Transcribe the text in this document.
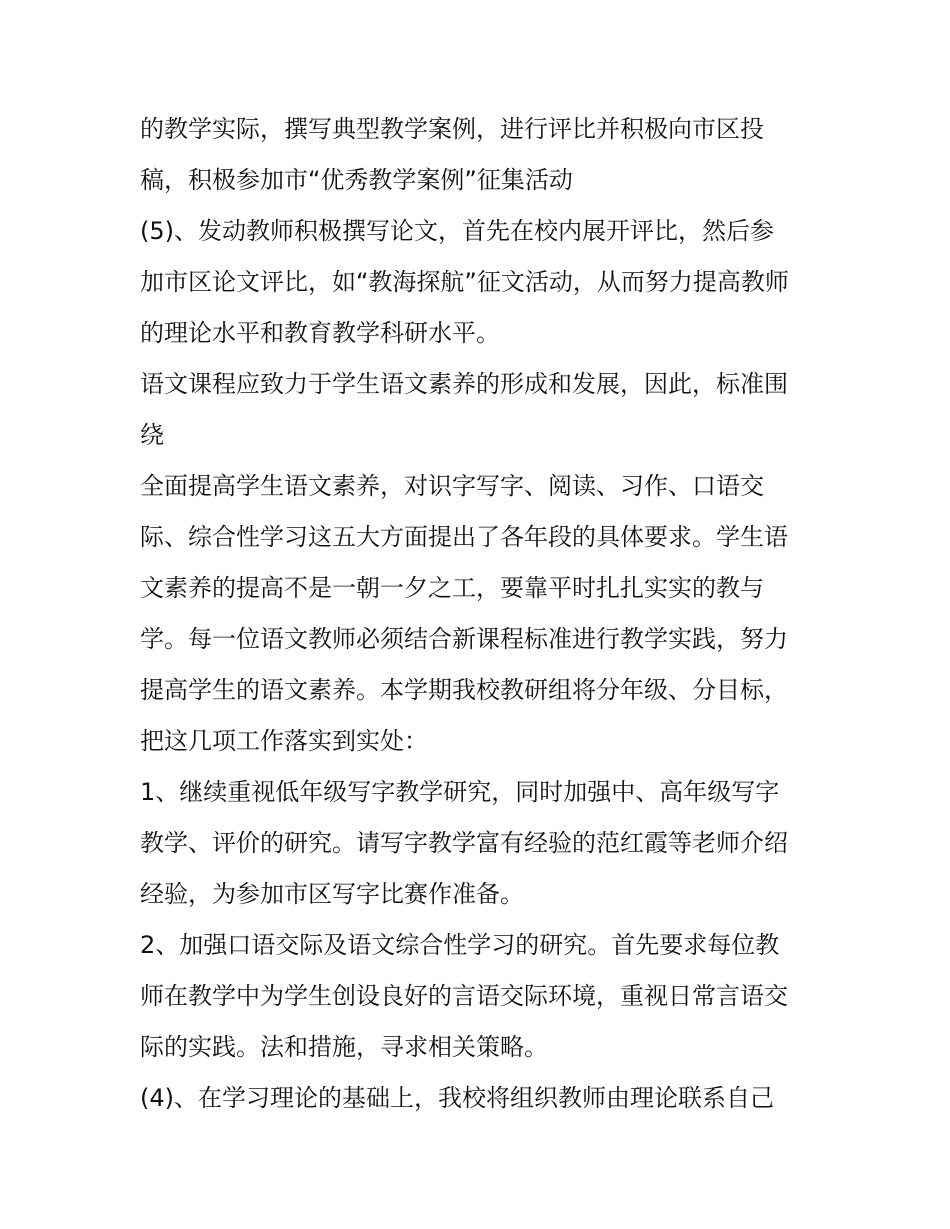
的教学实际，撰写典型教学案例，进行评比并积极向市区投
稿，积极参加市“优秀教学案例”征集活动
(5)、发动教师积极撰写论文，首先在校内展开评比，然后参
加市区论文评比，如“教海探航”征文活动，从而努力提高教师
的理论水平和教育教学科研水平。
语文课程应致力于学生语文素养的形成和发展，因此，标准围
绕
全面提高学生语文素养，对识字写字、阅读、习作、口语交
际、综合性学习这五大方面提出了各年段的具体要求。学生语
文素养的提高不是一朝一夕之工，要靠平时扎扎实实的教与
学。每一位语文教师必须结合新课程标准进行教学实践，努力
提高学生的语文素养。本学期我校教研组将分年级、分目标，
把这几项工作落实到实处：
1、继续重视低年级写字教学研究，同时加强中、高年级写字
教学、评价的研究。请写字教学富有经验的范红霞等老师介绍
经验，为参加市区写字比赛作准备。
2、加强口语交际及语文综合性学习的研究。首先要求每位教
师在教学中为学生创设良好的言语交际环境，重视日常言语交
际的实践。法和措施，寻求相关策略。
(4)、在学习理论的基础上，我校将组织教师由理论联系自己
